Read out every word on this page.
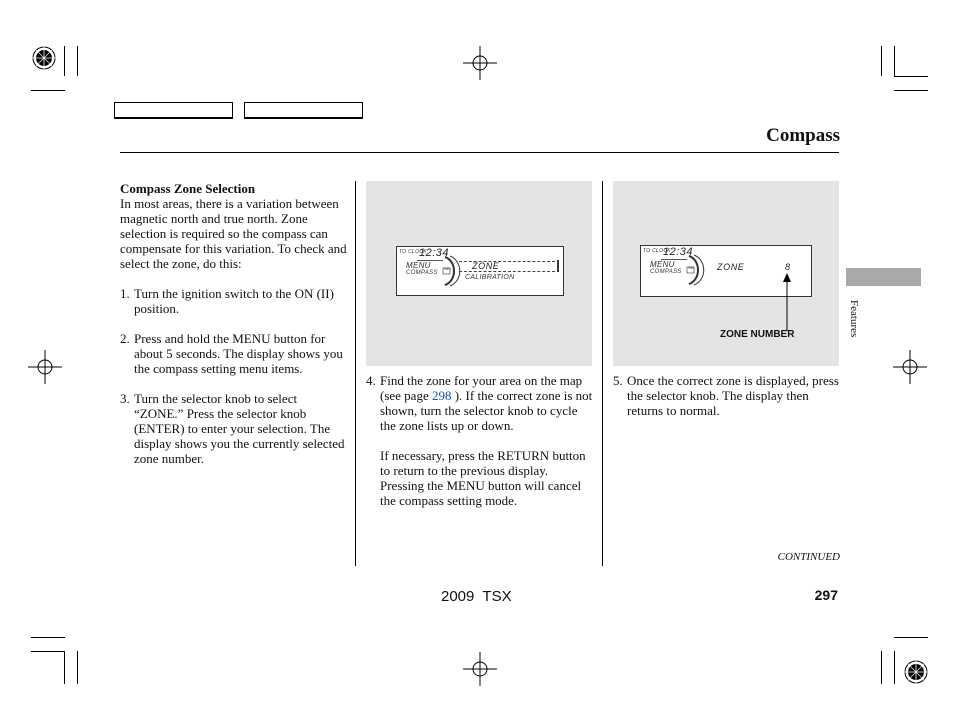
Compass
Features

Compass Zone Selection

In most areas, there is a variation between magnetic north and true north. Zone selection is required so the compass can compensate for this variation. To check and select the zone, do this:

1. Turn the ignition switch to the ON (II) position.
2. Press and hold the MENU button for about 5 seconds. The display shows you the compass setting menu items.
3. Turn the selector knob to select “ZONE.” Press the selector knob (ENTER) to enter your selection. The display shows you the currently selected zone number.
TO CLOCK
12:34
MENU
COMPASS
SEL ZONE
CALIBRATION
TO CLOCK
12:34
MENU
COMPASS
SEL ZONE	8
ZONE NUMBER
4. Find the zone for your area on the map (see page 298 ). If the correct zone is not shown, turn the selector knob to cycle the zone lists up or down.

If necessary, press the RETURN button to return to the previous display. Pressing the MENU button will cancel the compass setting mode.

5. Once the correct zone is displayed, press the selector knob. The display then returns to normal.
CONTINUED
2009  TSX	297
